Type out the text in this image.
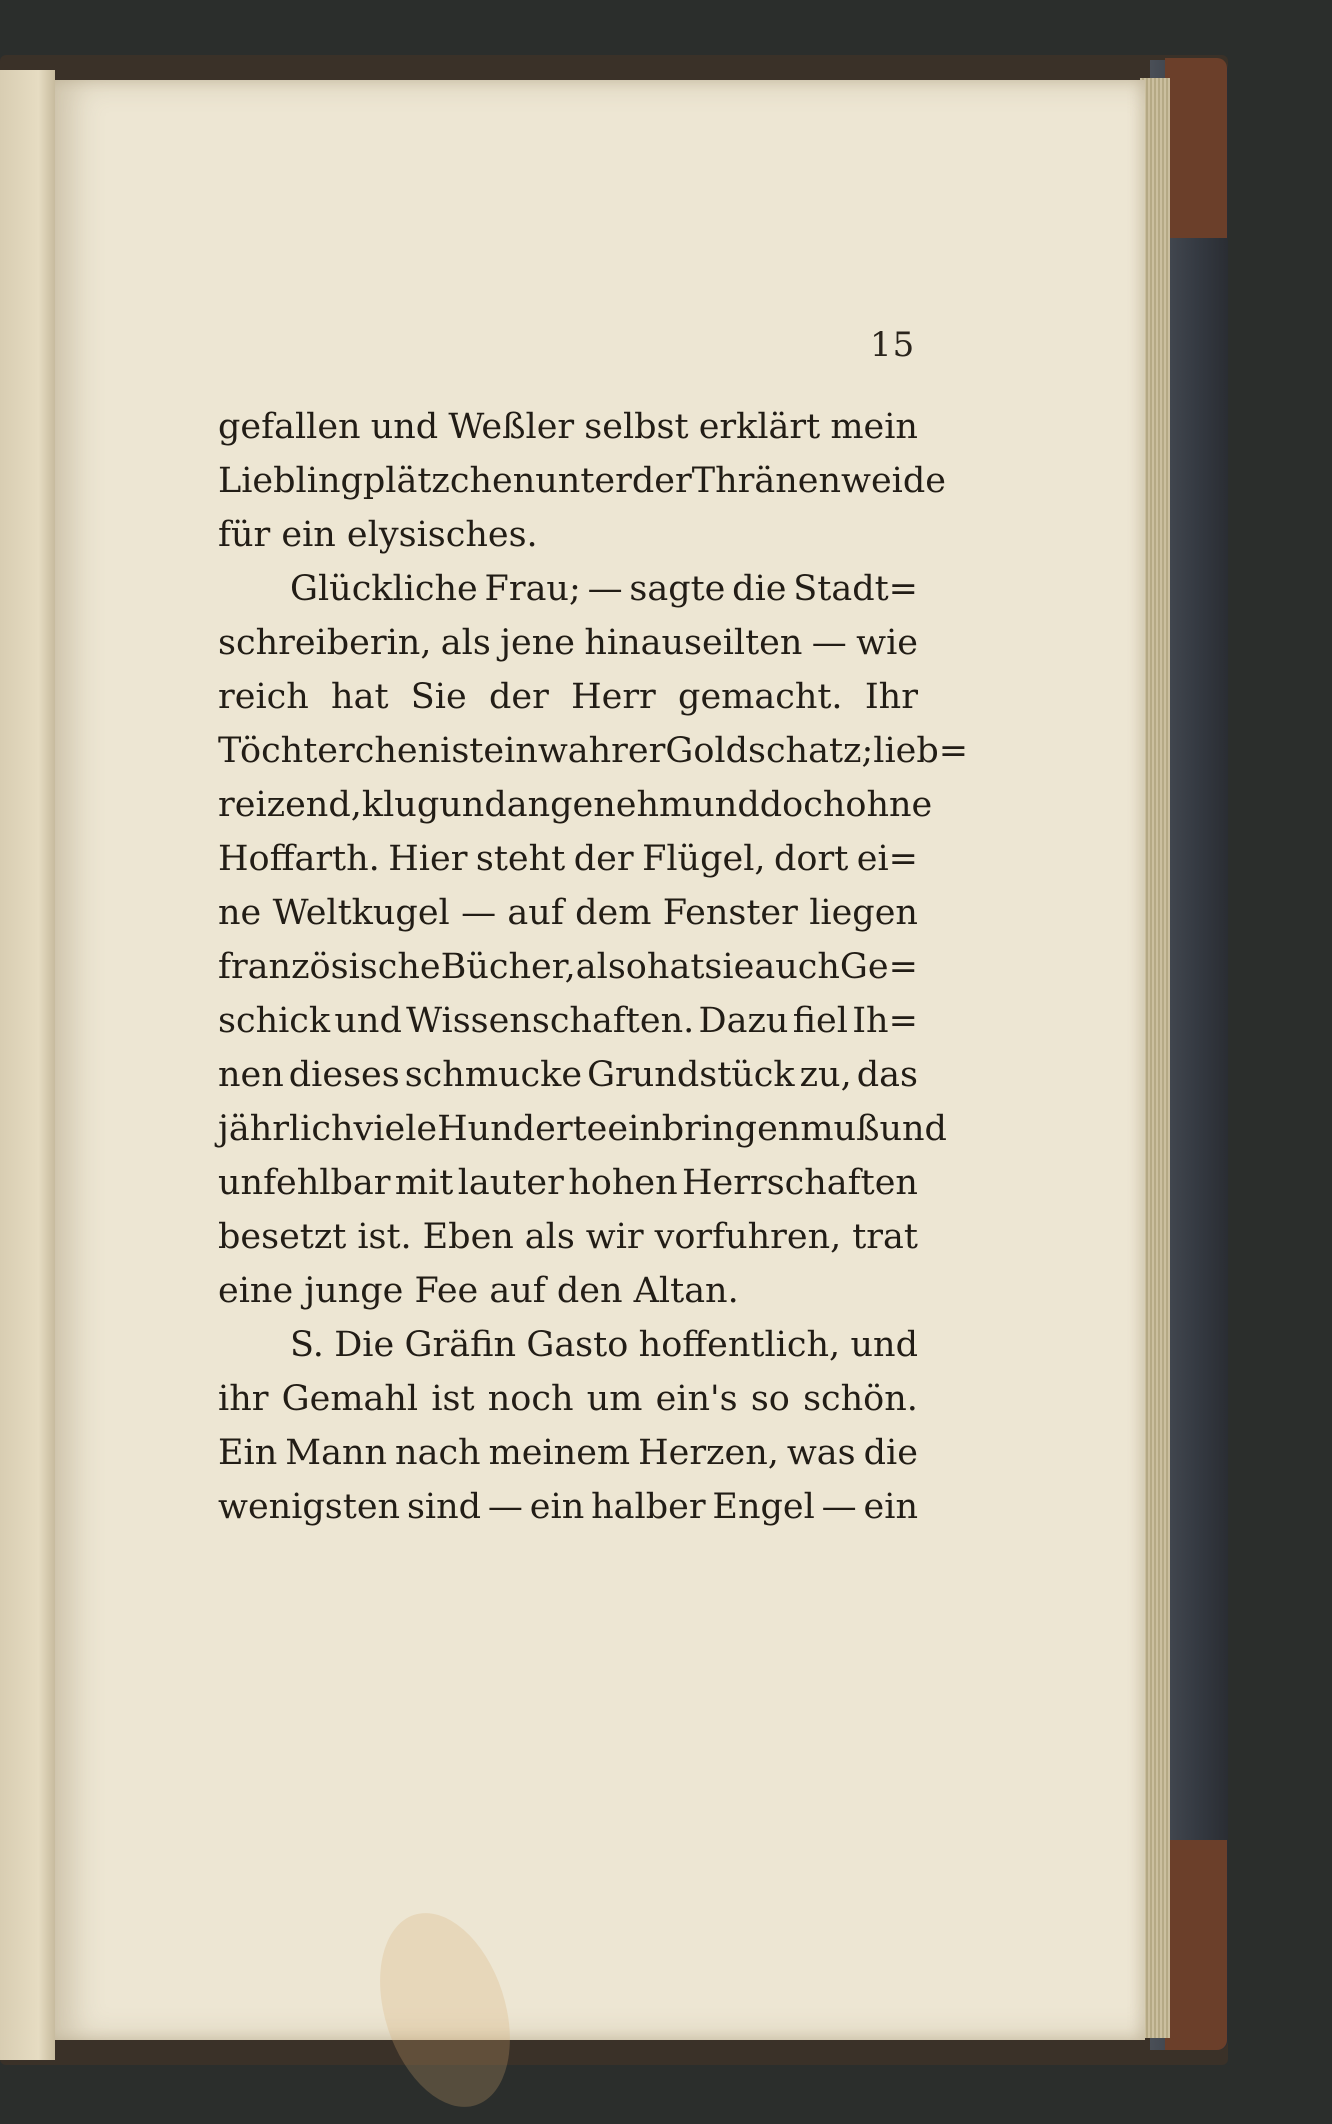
15
gefallen und Weßler selbst erklärt mein
Lieblingplätzchen unter der Thränenweide
für ein elysisches.
Glückliche Frau; — sagte die Stadt=
schreiberin, als jene hinauseilten — wie
reich hat Sie der Herr gemacht. Ihr
Töchterchen ist ein wahrer Goldschatz; lieb=
reizend, klug und angenehm und doch ohne
Hoffarth. Hier steht der Flügel, dort ei=
ne Weltkugel — auf dem Fenster liegen
französische Bücher, also hat sie auch Ge=
schick und Wissenschaften. Dazu fiel Ih=
nen dieses schmucke Grundstück zu, das
jährlich viele Hunderte einbringen muß und
unfehlbar mit lauter hohen Herrschaften
besetzt ist. Eben als wir vorfuhren, trat
eine junge Fee auf den Altan.
S. Die Gräfin Gasto hoffentlich, und
ihr Gemahl ist noch um ein's so schön.
Ein Mann nach meinem Herzen, was die
wenigsten sind — ein halber Engel — ein
